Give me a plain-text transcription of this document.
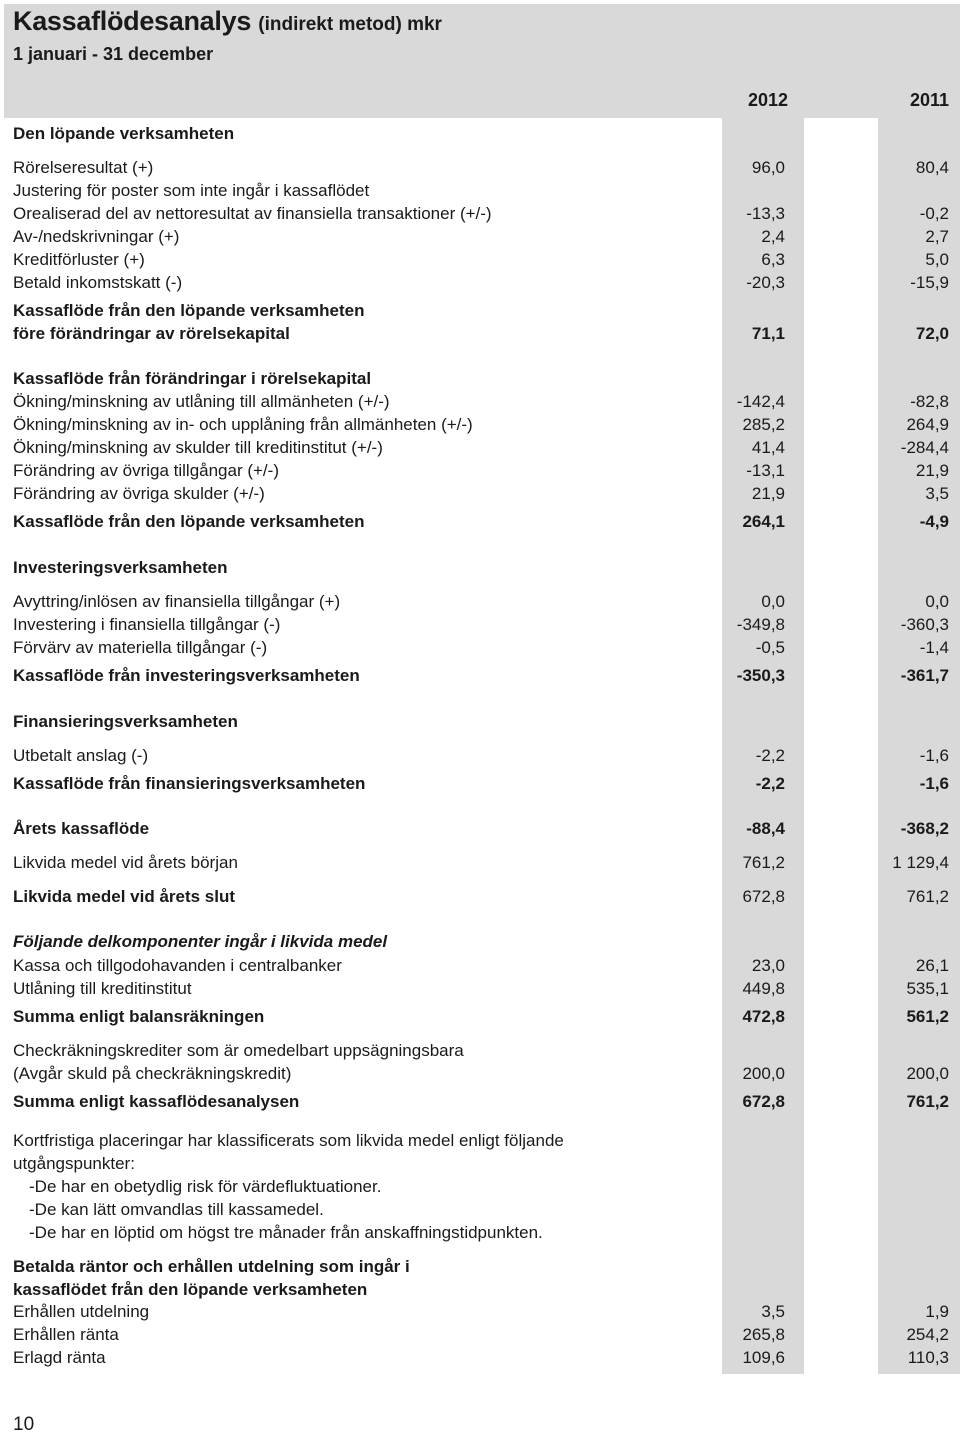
Kassaflödesanalys (indirekt metod) mkr
1 januari - 31 december
2012	2011
Den löpande verksamheten
Rörelseresultat (+)	96,0	80,4
Justering för poster som inte ingår i kassaflödet
Orealiserad del av nettoresultat av finansiella transaktioner (+/-)	-13,3	-0,2
Av-/nedskrivningar (+)	2,4	2,7
Kreditförluster (+)	6,3	5,0
Betald inkomstskatt (-)	-20,3	-15,9
Kassaflöde från den löpande verksamheten
före förändringar av rörelsekapital	71,1	72,0
Kassaflöde från förändringar i rörelsekapital
Ökning/minskning av utlåning till allmänheten (+/-)	-142,4	-82,8
Ökning/minskning av in- och upplåning från allmänheten (+/-)	285,2	264,9
Ökning/minskning av skulder till kreditinstitut (+/-)	41,4	-284,4
Förändring av övriga tillgångar (+/-)	-13,1	21,9
Förändring av övriga skulder (+/-)	21,9	3,5
Kassaflöde från den löpande verksamheten	264,1	-4,9
Investeringsverksamheten
Avyttring/inlösen av finansiella tillgångar (+)	0,0	0,0
Investering i finansiella tillgångar (-)	-349,8	-360,3
Förvärv av materiella tillgångar (-)	-0,5	-1,4
Kassaflöde från investeringsverksamheten	-350,3	-361,7
Finansieringsverksamheten
Utbetalt anslag (-)	-2,2	-1,6
Kassaflöde från finansieringsverksamheten	-2,2	-1,6
Årets kassaflöde	-88,4	-368,2
Likvida medel vid årets början	761,2	1 129,4
Likvida medel vid årets slut	672,8	761,2
Följande delkomponenter ingår i likvida medel
Kassa och tillgodohavanden i centralbanker	23,0	26,1
Utlåning till kreditinstitut	449,8	535,1
Summa enligt balansräkningen	472,8	561,2
Checkräkningskrediter som är omedelbart uppsägningsbara
(Avgår skuld på checkräkningskredit)	200,0	200,0
Summa enligt kassaflödesanalysen	672,8	761,2
Kortfristiga placeringar har klassificerats som likvida medel enligt följande
utgångspunkter:
-De har en obetydlig risk för värdefluktuationer.
-De kan lätt omvandlas till kassamedel.
-De har en löptid om högst tre månader från anskaffningstidpunkten.
Betalda räntor och erhållen utdelning som ingår i
kassaflödet från den löpande verksamheten
Erhållen utdelning	3,5	1,9
Erhållen ränta	265,8	254,2
Erlagd ränta	109,6	110,3
10
